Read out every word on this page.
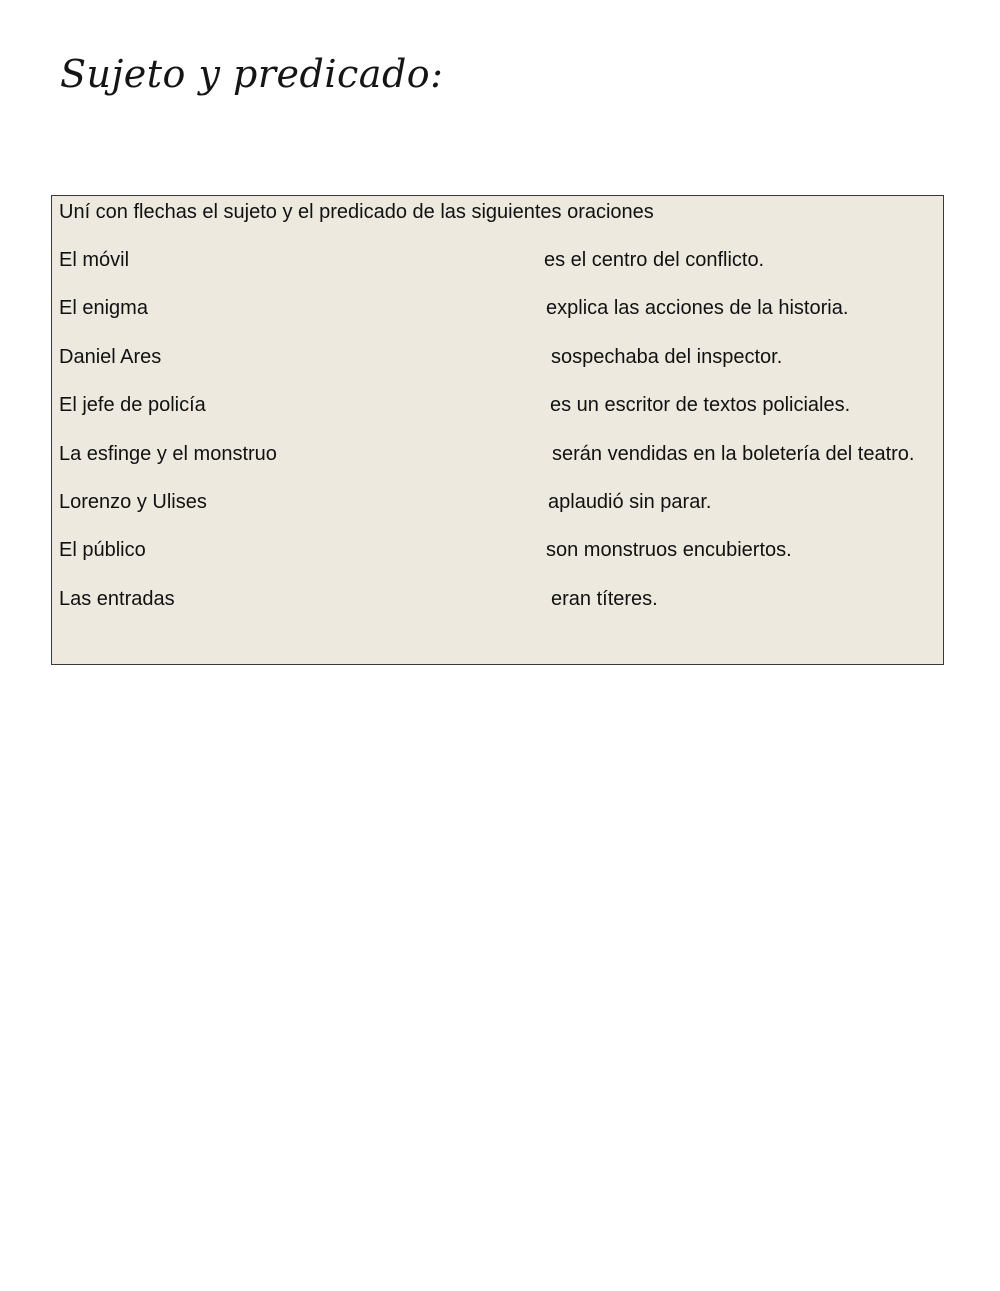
Sujeto y predicado:
Uní con flechas el sujeto y el predicado de las siguientes oraciones
El móvil	es el centro del conflicto.
El enigma	explica las acciones de la historia.
Daniel Ares	sospechaba del inspector.
El jefe de policía	es un escritor de textos policiales.
La esfinge y el monstruo	serán vendidas en la boletería del teatro.
Lorenzo y Ulises	aplaudió sin parar.
El público	son monstruos encubiertos.
Las entradas	eran títeres.
